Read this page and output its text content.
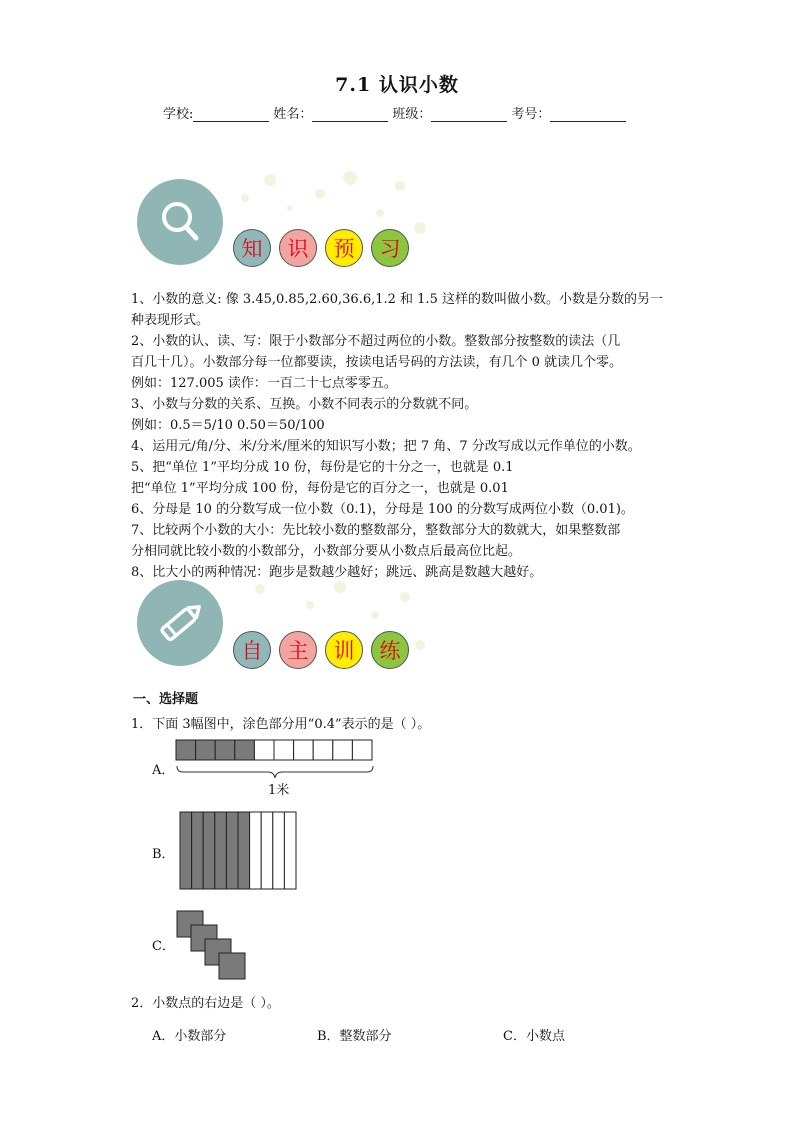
7.1 认识小数
学校:	姓名：	班级：	考号：
知	识	预	习
1、小数的意义: 像 3.45,0.85,2.60,36.6,1.2 和 1.5 这样的数叫做小数。小数是分数的另一
种表现形式。
2、小数的认、读、写：限于小数部分不超过两位的小数。整数部分按整数的读法（几
百几十几）。小数部分每一位都要读，按读电话号码的方法读，有几个 0 就读几个零。
例如：127.005 读作：一百二十七点零零五。
3、小数与分数的关系、互换。小数不同表示的分数就不同。
例如：0.5＝5/10 0.50＝50/100
4、运用元/角/分、米/分米/厘米的知识写小数；把 7 角、7 分改写成以元作单位的小数。
5、把“单位 1”平均分成 10 份，每份是它的十分之一，也就是 0.1
把“单位 1”平均分成 100 份，每份是它的百分之一，也就是 0.01
6、分母是 10 的分数写成一位小数（0.1)，分母是 100 的分数写成两位小数（0.01)。
7、比较两个小数的大小：先比较小数的整数部分，整数部分大的数就大，如果整数部
分相同就比较小数的小数部分，小数部分要从小数点后最高位比起。
8、比大小的两种情况：跑步是数越少越好；跳远、跳高是数越大越好。
自	主	训	练
一、选择题
1．下面 3幅图中，涂色部分用“0.4”表示的是（ ）。
A．
1米
B．
C．
2．小数点的右边是（ ）。
A．小数部分	B．整数部分	C．小数点
